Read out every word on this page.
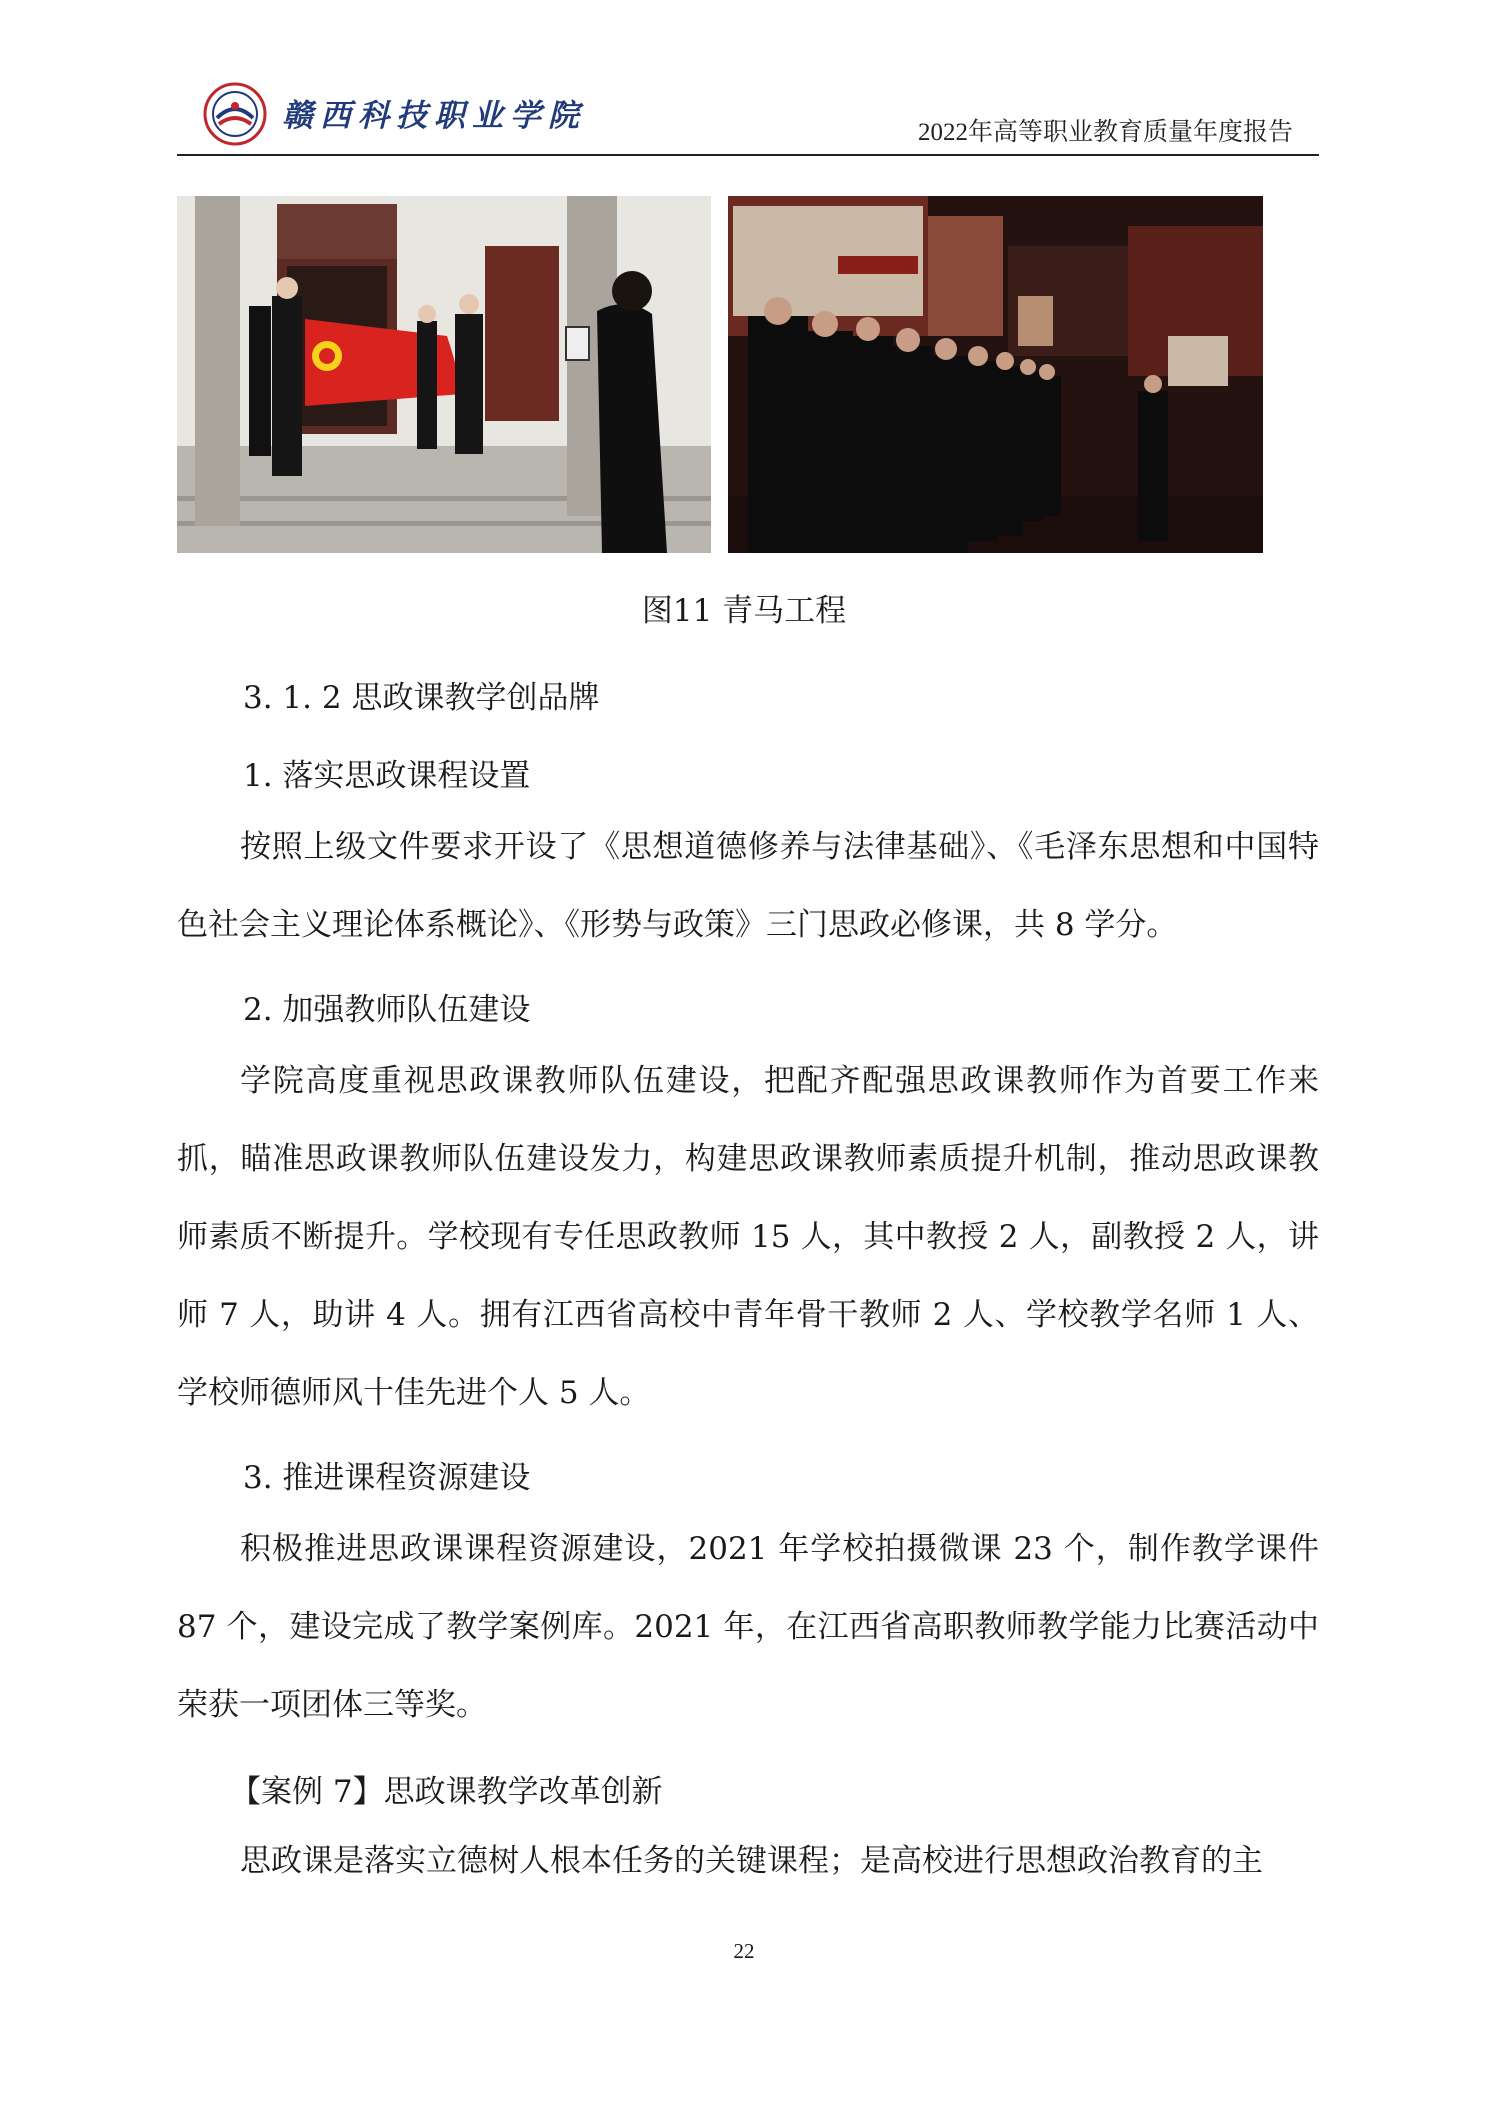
赣西科技职业学院	2022年高等职业教育质量年度报告
图11 青马工程
3. 1. 2 思政课教学创品牌
1. 落实思政课程设置

按照上级文件要求开设了《思想道德修养与法律基础》、《毛泽东思想和中国特色社会主义理论体系概论》、《形势与政策》三门思政必修课，共 8 学分。

2. 加强教师队伍建设

学院高度重视思政课教师队伍建设，把配齐配强思政课教师作为首要工作来抓，瞄准思政课教师队伍建设发力，构建思政课教师素质提升机制，推动思政课教师素质不断提升。学校现有专任思政教师 15 人，其中教授 2 人，副教授 2 人，讲师 7 人，助讲 4 人。拥有江西省高校中青年骨干教师 2 人、学校教学名师 1 人、学校师德师风十佳先进个人 5 人。

3. 推进课程资源建设

积极推进思政课课程资源建设，2021 年学校拍摄微课 23 个，制作教学课件 87 个，建设完成了教学案例库。2021 年，在江西省高职教师教学能力比赛活动中荣获一项团体三等奖。

【案例 7】思政课教学改革创新

思政课是落实立德树人根本任务的关键课程；是高校进行思想政治教育的主

22
